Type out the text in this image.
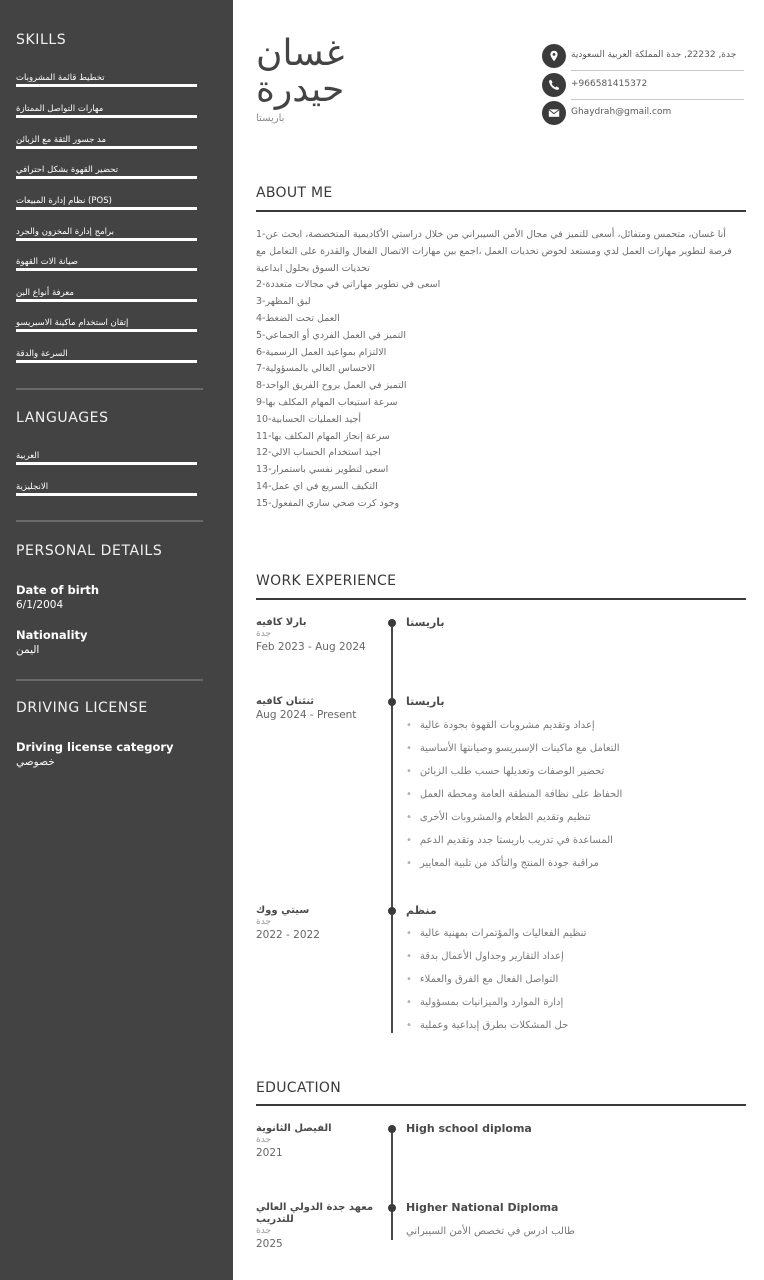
SKILLS
تخطيط قائمة المشروبات
مهارات التواصل الممتازة
مد جسور الثقة مع الزبائن
تحضير القهوة بشكل احترافي
نظام إدارة المبيعات (POS)
برامج إدارة المخزون والجرد
صيانة الات القهوة
معرفة أنواع البن
إتقان استخدام ماكينة الاسبريسو
السرعة والدقة
LANGUAGES
العربية
الانجليزية
PERSONAL DETAILS
Date of birth
6/1/2004
Nationality
اليمن
DRIVING LICENSE
Driving license category
خصوصي
غسان
حيدرة
باريستا
جدة, 22232, جدة المملكة العربية السعودية
+966581415372
Ghaydrah@gmail.com
ABOUT ME

1-أنا غسان، متحمس ومتفائل، أسعى للتميز في مجال الأمن السيبراني من خلال دراستي الأكاديمية المتخصصة، ابحث عن فرصة لتطوير مهارات العمل لدي ومستعد لخوض تحديات العمل ،اجمع بين مهارات الاتصال الفعال والقدرة على التعامل مع تحديات السوق بحلول ابداعية

2-اسعى في تطوير مهاراتي في مجالات متعددة

3-لبق المظهر

4-العمل تحت الضغط

5-التميز في العمل الفردي أو الجماعي

6-الالتزام بمواعيد العمل الرسمية

7-الاحساس العالي بالمسؤولية

8-التميز في العمل بروح الفريق الواحد

9-سرعة استيعاب المهام المكلف بها

10-أجيد العمليات الحسابية

11-سرعة إنجاز المهام المكلف بها

12-اجيد استخدام الحساب الالي

13-اسعى لتطوير نفسي باستمرار

14-التكيف السريع في اي عمل

15-وجود كرت صحي ساري المفعول

WORK EXPERIENCE
بارلا كافيه
جدة
Feb 2023 - Aug 2024
باريستا
ثنثنان كافيه
Aug 2024 - Present
باريستا
• إعداد وتقديم مشروبات القهوة بجودة عالية
• التعامل مع ماكينات الإسبريسو وصيانتها الأساسية
• تحضير الوصفات وتعديلها حسب طلب الزبائن
• الحفاظ على نظافة المنطقة العامة ومحطة العمل
• تنظيم وتقديم الطعام والمشروبات الأخرى
• المساعدة في تدريب باريستا جدد وتقديم الدعم
• مراقبة جودة المنتج والتأكد من تلبية المعايير
سيتي ووك
جدة
2022 - 2022
منظم
• تنظيم الفعاليات والمؤتمرات بمهنية عالية
• إعداد التقارير وجداول الأعمال بدقة
• التواصل الفعال مع الفرق والعملاء
• إدارة الموارد والميزانيات بمسؤولية
• حل المشكلات بطرق إبداعية وعملية
EDUCATION
الفيصل الثانوية
جدة
2021
High school diploma
معهد جدة الدولي العالي للتدريب
جدة
2025
Higher National Diploma
طالب ادرس في تخصص الأمن السيبراني
